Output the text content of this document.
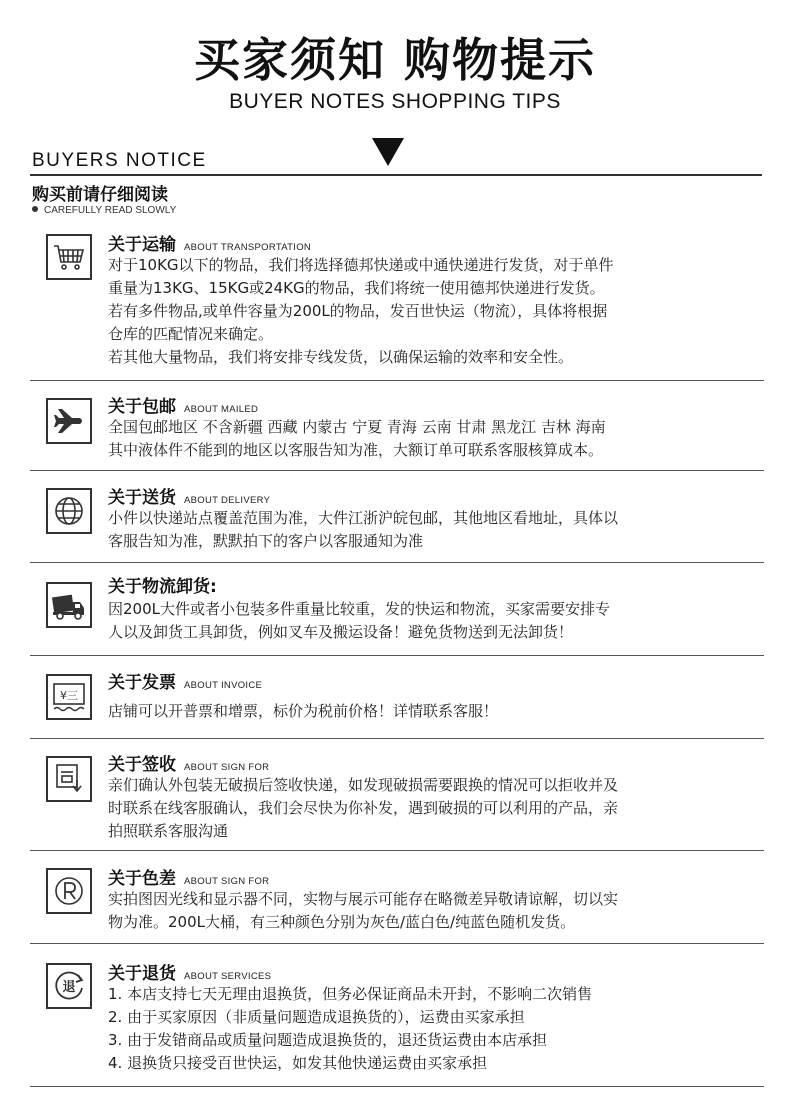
买家须知 购物提示
BUYER NOTES SHOPPING TIPS
BUYERS NOTICE
购买前请仔细阅读
CAREFULLY READ SLOWLY
关于运输 ABOUT TRANSPORTATION

对于10KG以下的物品，我们将选择德邦快递或中通快递进行发货，对于单件

重量为13KG、15KG或24KG的物品，我们将统一使用德邦快递进行发货。

若有多件物品,或单件容量为200L的物品，发百世快运（物流），具体将根据

仓库的匹配情况来确定。

若其他大量物品，我们将安排专线发货，以确保运输的效率和安全性。

关于包邮 ABOUT MAILED

全国包邮地区 不含新疆 西藏 内蒙古 宁夏 青海 云南 甘肃 黑龙江 吉林 海南

其中液体件不能到的地区以客服告知为准，大额订单可联系客服核算成本。

关于送货 ABOUT DELIVERY

小件以快递站点覆盖范围为准，大件江浙沪皖包邮，其他地区看地址，具体以

客服告知为准，默默拍下的客户以客服通知为准

关于物流卸货:

因200L大件或者小包装多件重量比较重，发的快运和物流，买家需要安排专

人以及卸货工具卸货，例如叉车及搬运设备！避免货物送到无法卸货！

¥三
关于发票 ABOUT INVOICE

店铺可以开普票和增票，标价为税前价格！详情联系客服！

关于签收 ABOUT SIGN FOR

亲们确认外包装无破损后签收快递，如发现破损需要跟换的情况可以拒收并及

时联系在线客服确认，我们会尽快为你补发，遇到破损的可以利用的产品，亲

拍照联系客服沟通

关于色差 ABOUT SIGN FOR

实拍图因光线和显示器不同，实物与展示可能存在略微差异敬请谅解，切以实

物为准。200L大桶，有三种颜色分别为灰色/蓝白色/纯蓝色随机发货。

退
关于退货 ABOUT SERVICES

1. 本店支持七天无理由退换货，但务必保证商品未开封，不影响二次销售

2. 由于买家原因（非质量问题造成退换货的），运费由买家承担

3. 由于发错商品或质量问题造成退换货的，退还货运费由本店承担

4. 退换货只接受百世快运，如发其他快递运费由买家承担
